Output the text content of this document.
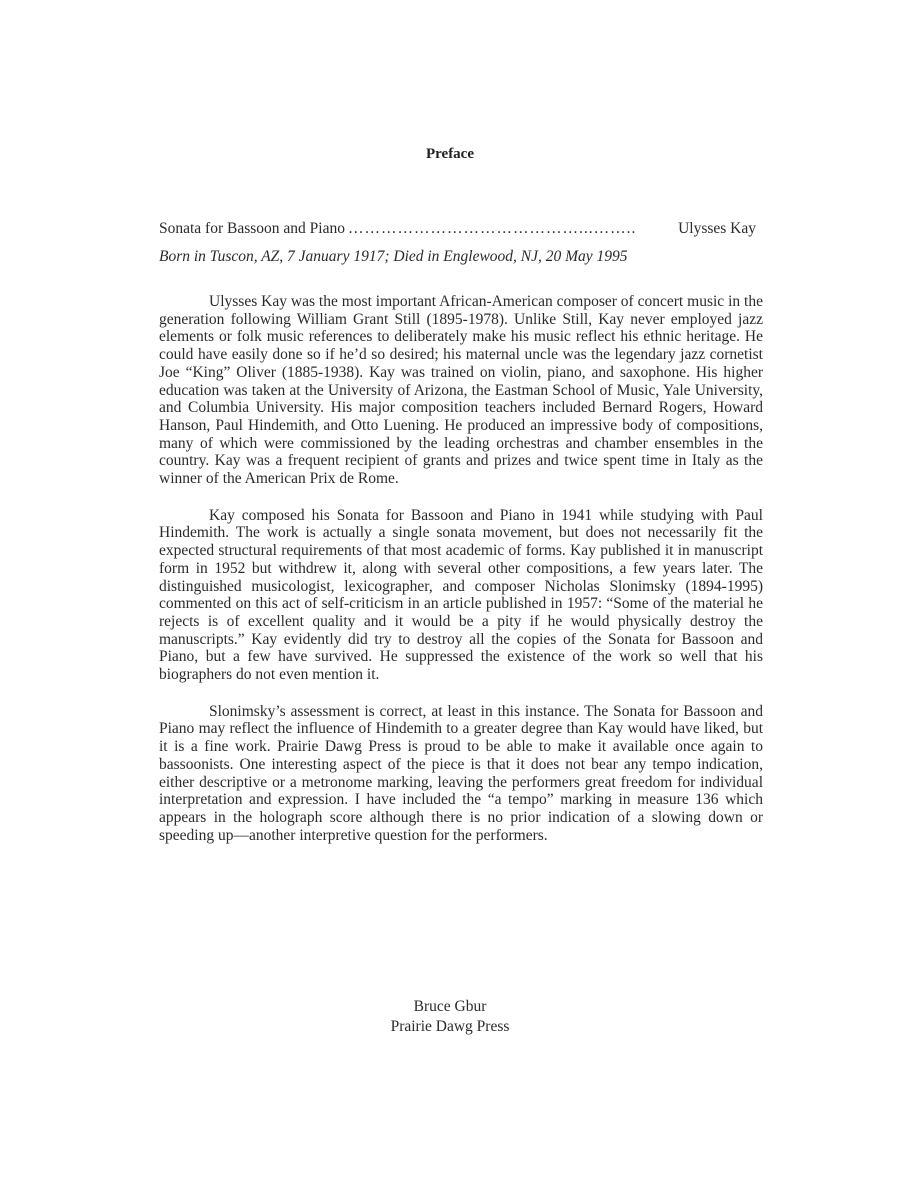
Preface
Sonata for Bassoon and Piano ……………………………………...……..	Ulysses Kay
Born in Tuscon, AZ, 7 January 1917; Died in Englewood, NJ, 20 May 1995

Ulysses Kay was the most important African-American composer of concert music in the generation following William Grant Still (1895-1978). Unlike Still, Kay never employed jazz elements or folk music references to deliberately make his music reflect his ethnic heritage. He could have easily done so if he’d so desired; his maternal uncle was the legendary jazz cornetist Joe “King” Oliver (1885-1938). Kay was trained on violin, piano, and saxophone. His higher education was taken at the University of Arizona, the Eastman School of Music, Yale University, and Columbia University. His major composition teachers included Bernard Rogers, Howard Hanson, Paul Hindemith, and Otto Luening. He produced an impressive body of compositions, many of which were commissioned by the leading orchestras and chamber ensembles in the country. Kay was a frequent recipient of grants and prizes and twice spent time in Italy as the winner of the American Prix de Rome.

Kay composed his Sonata for Bassoon and Piano in 1941 while studying with Paul Hindemith. The work is actually a single sonata movement, but does not necessarily fit the expected structural requirements of that most academic of forms. Kay published it in manuscript form in 1952 but withdrew it, along with several other compositions, a few years later. The distinguished musicologist, lexicographer, and composer Nicholas Slonimsky (1894-1995) commented on this act of self-criticism in an article published in 1957: “Some of the material he rejects is of excellent quality and it would be a pity if he would physically destroy the manuscripts.” Kay evidently did try to destroy all the copies of the Sonata for Bassoon and Piano, but a few have survived. He suppressed the existence of the work so well that his biographers do not even mention it.

Slonimsky’s assessment is correct, at least in this instance. The Sonata for Bassoon and Piano may reflect the influence of Hindemith to a greater degree than Kay would have liked, but it is a fine work. Prairie Dawg Press is proud to be able to make it available once again to bassoonists. One interesting aspect of the piece is that it does not bear any tempo indication, either descriptive or a metronome marking, leaving the performers great freedom for individual interpretation and expression. I have included the “a tempo” marking in measure 136 which appears in the holograph score although there is no prior indication of a slowing down or speeding up—another interpretive question for the performers.

Bruce Gbur
Prairie Dawg Press
